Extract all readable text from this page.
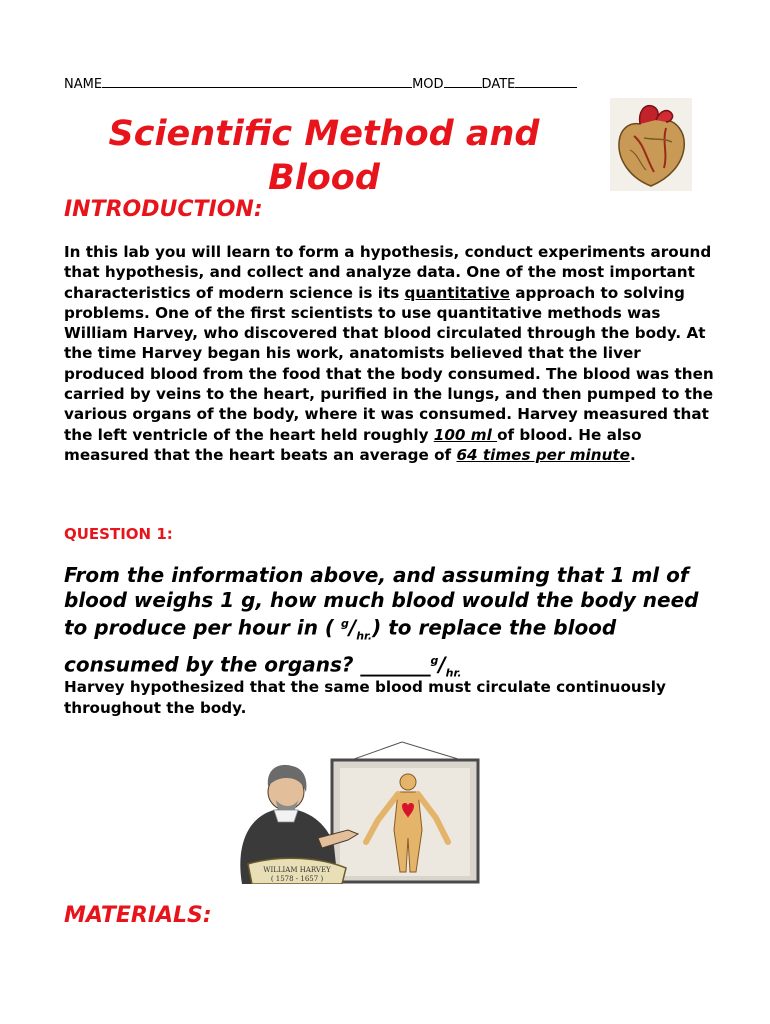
NAME	MOD	DATE
Scientific Method and
Blood
INTRODUCTION:
In this lab you will learn to form a hypothesis, conduct experiments around that hypothesis, and collect and analyze data. One of the most important characteristics of modern science is its quantitative approach to solving problems. One of the first scientists to use quantitative methods was William Harvey, who discovered that blood circulated through the body. At the time Harvey began his work, anatomists believed that the liver produced blood from the food that the body consumed. The blood was then carried by veins to the heart, purified in the lungs, and then pumped to the various organs of the body, where it was consumed. Harvey measured that the left ventricle of the heart held roughly 100 ml of blood. He also measured that the heart beats an average of 64 times per minute.
QUESTION 1:
From the information above, and assuming that 1 ml of blood weighs 1 g, how much blood would the body need to produce per hour in ( $^g/_{hr.}$) to replace the blood consumed by the organs? $\_\_\_\_\_\_\_^g/_{hr.}$
Harvey hypothesized that the same blood must circulate continuously throughout the body.
WILLIAM HARVEY
( 1578 - 1657 )
MATERIALS:
